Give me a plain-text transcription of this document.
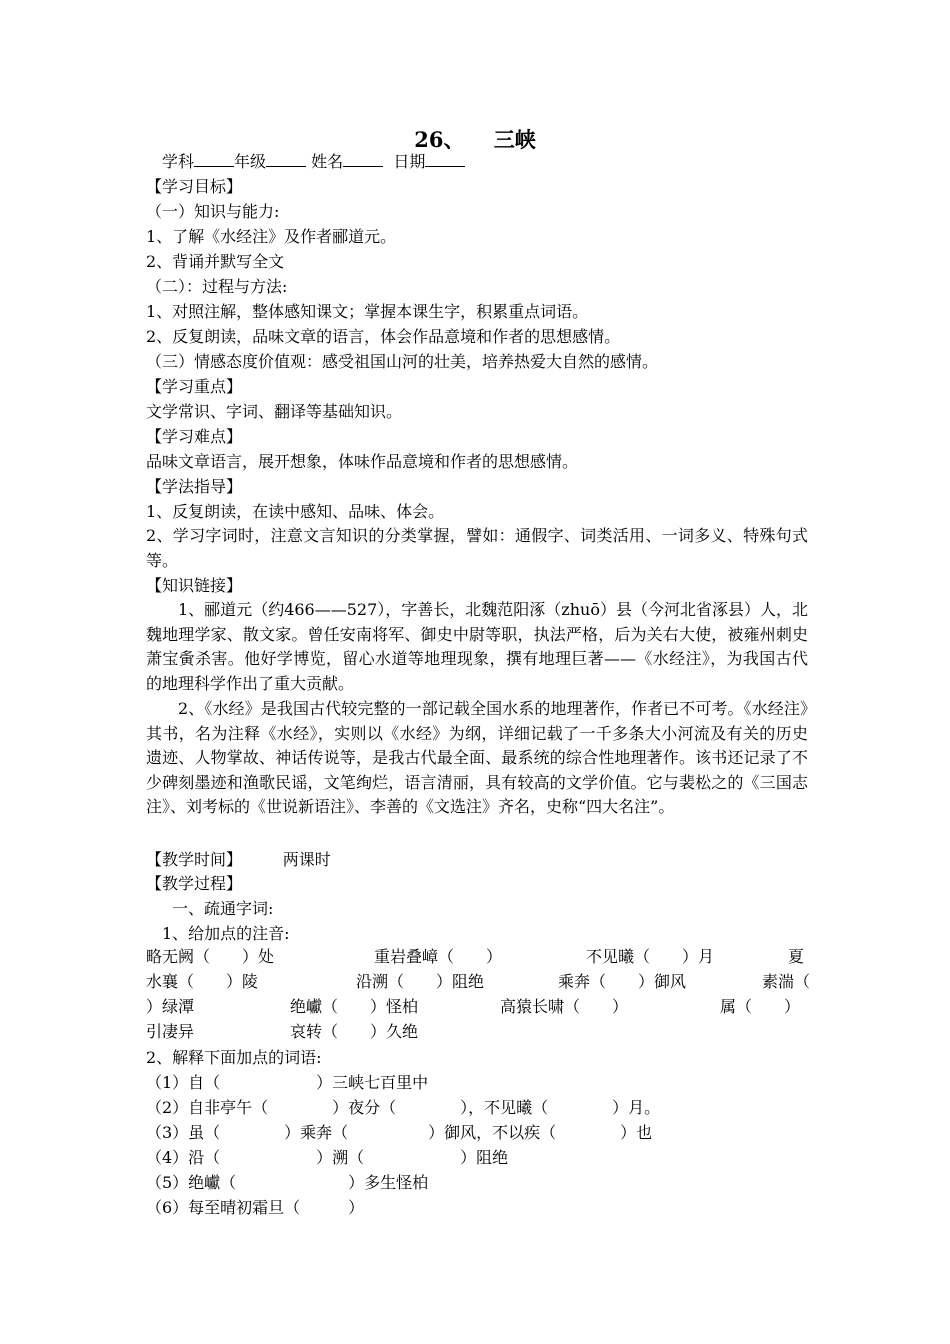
26、 三峡
学科	年级	姓名	日期
【学习目标】
（一）知识与能力:
1、了解《水经注》及作者郦道元。
2、背诵并默写全文
（二）：过程与方法:
1、对照注解，整体感知课文；掌握本课生字，积累重点词语。
2、反复朗读，品味文章的语言，体会作品意境和作者的思想感情。
（三）情感态度价值观：感受祖国山河的壮美，培养热爱大自然的感情。
【学习重点】
文学常识、字词、翻译等基础知识。
【学习难点】
品味文章语言，展开想象，体味作品意境和作者的思想感情。
【学法指导】
1、反复朗读，在读中感知、品味、体会。

2、学习字词时，注意文言知识的分类掌握，譬如：通假字、词类活用、一词多义、特殊句式等。

【知识链接】

1、郦道元（约466——527），字善长，北魏范阳涿（zhuō）县（今河北省涿县）人，北魏地理学家、散文家。曾任安南将军、御史中尉等职，执法严格，后为关右大使，被雍州刺史萧宝夤杀害。他好学博览，留心水道等地理现象，撰有地理巨著——《水经注》，为我国古代的地理科学作出了重大贡献。

2、《水经》是我国古代较完整的一部记载全国水系的地理著作，作者已不可考。《水经注》其书，名为注释《水经》，实则以《水经》为纲，详细记载了一千多条大小河流及有关的历史遗迹、人物掌故、神话传说等，是我古代最全面、最系统的综合性地理著作。该书还记录了不少碑刻墨迹和渔歌民谣，文笔绚烂，语言清丽，具有较高的文学价值。它与裴松之的《三国志注》、刘考标的《世说新语注》、李善的《文选注》齐名，史称“四大名注”。

【教学时间】	两课时
【教学过程】
一、疏通字词:
1、给加点的注音:
略无阙（　　）处	重岩叠嶂（　　）	不见曦（　　）月	夏
水襄（　　）陵	沿溯（　　）阻绝	乘奔（　　）御风	素湍（
）绿潭	绝巘（　　）怪柏	高猿长啸（　　）	属（　　）
引凄异	哀转（　　）久绝
2、解释下面加点的词语:
（1）自（　　　　　　）三峡七百里中
（2）自非亭午（　　　　）夜分（　　　　），不见曦（　　　　）月。
（3）虽（　　　　）乘奔（　　　　　）御风，不以疾（　　　　）也
（4）沿（　　　　　　）溯（　　　　　　）阻绝
（5）绝巘（　　　　　　　）多生怪柏
（6）每至晴初霜旦（　　　）
